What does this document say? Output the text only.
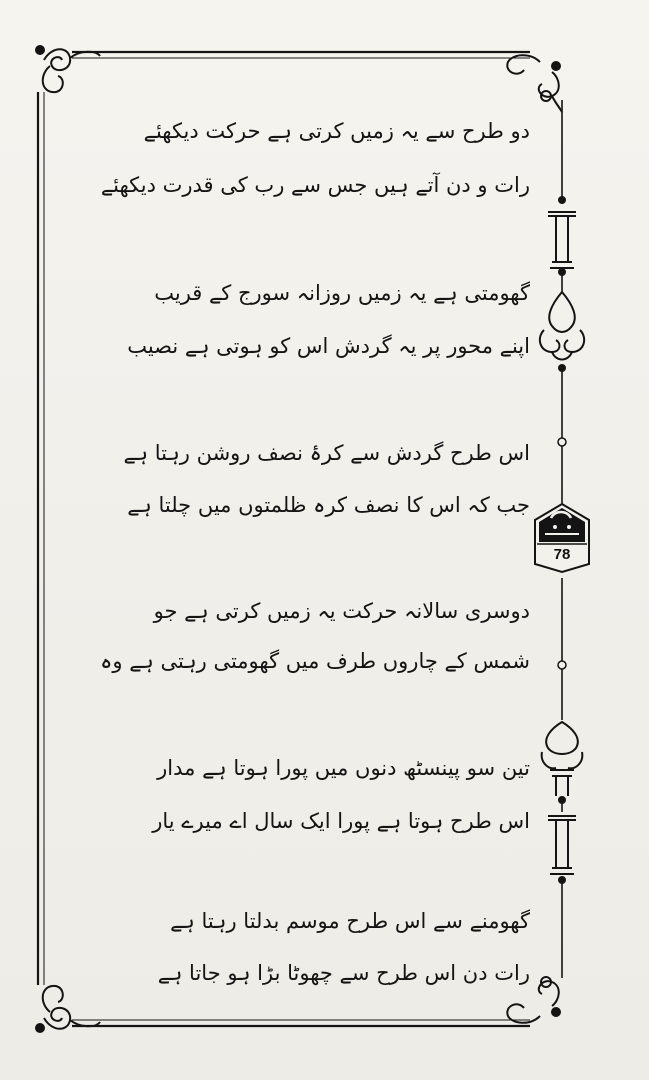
78
دو طرح سے یہ زمیں کرتی ہے حرکت دیکھئے
رات و دن آتے ہیں جس سے رب کی قدرت دیکھئے
گھومتی ہے یہ زمیں روزانہ سورج کے قریب
اپنے محور پر یہ گردش اس کو ہوتی ہے نصیب
اس طرح گردش سے کرۂ نصف روشن رہتا ہے
جب کہ اس کا نصف کرہ ظلمتوں میں چلتا ہے
دوسری سالانہ حرکت یہ زمیں کرتی ہے جو
شمس کے چاروں طرف میں گھومتی رہتی ہے وہ
تین سو پینسٹھ دنوں میں پورا ہوتا ہے مدار
اس طرح ہوتا ہے پورا ایک سال اے میرے یار
گھومنے سے اس طرح موسم بدلتا رہتا ہے
رات دن اس طرح سے چھوٹا بڑا ہو جاتا ہے
